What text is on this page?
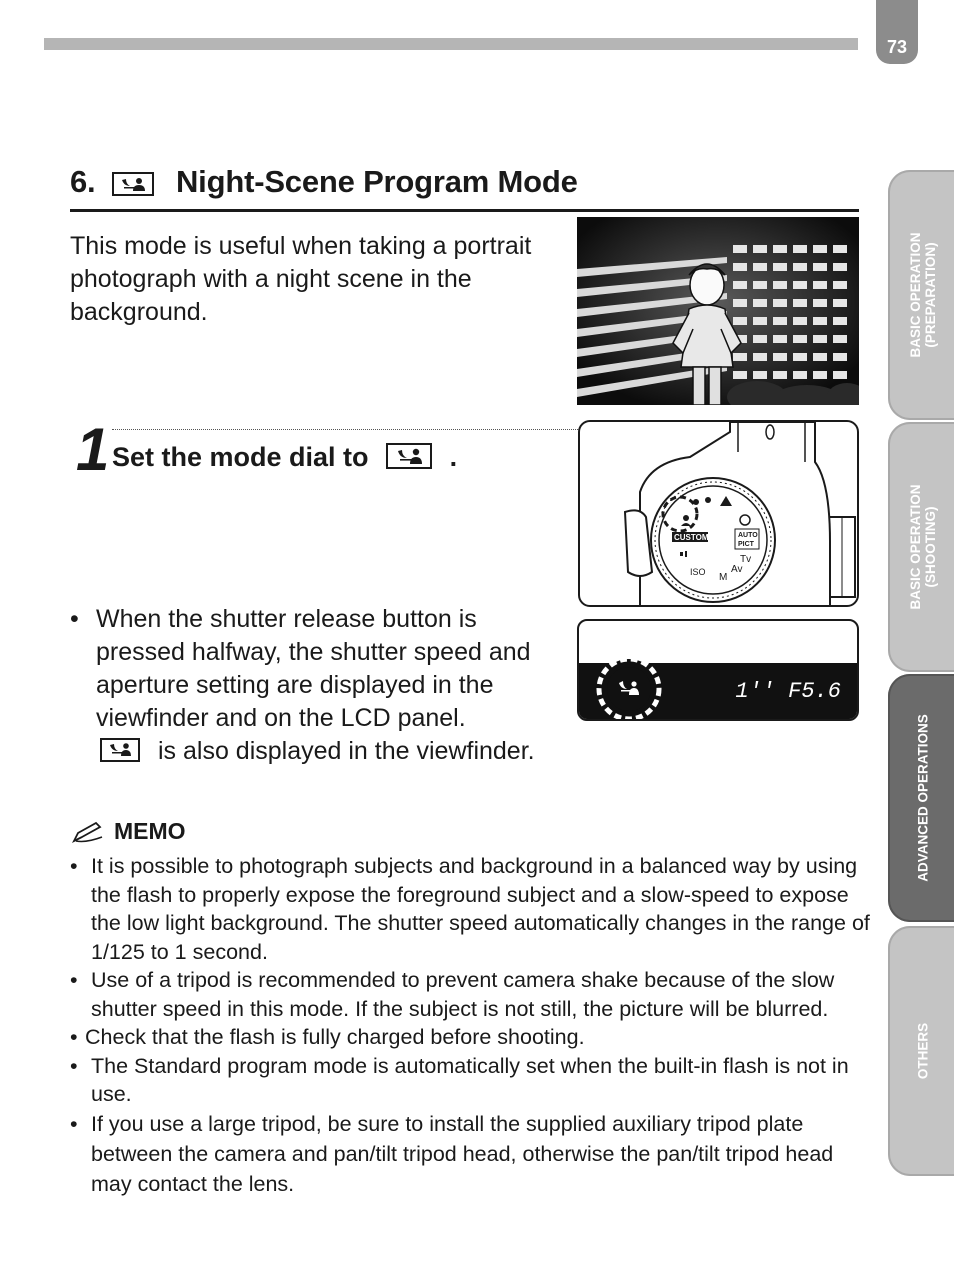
73
BASIC OPERATION
(PREPARATION)
BASIC OPERATION
(SHOOTING)
ADVANCED OPERATIONS
OTHERS
6.	Night-Scene Program Mode
This mode is useful when taking a portrait photograph with a night scene in the background.
1 Set the mode dial to	.
CUSTOM	AUTO
PICT
ISO M
Av
Tv
1'' F5.6
• When the shutter release button is pressed halfway, the shutter speed and aperture setting are displayed in the viewfinder and on the LCD panel.

is also displayed in the viewfinder.
MEMO
• It is possible to photograph subjects and background in a balanced way by using the flash to properly expose the foreground subject and a slow-speed to expose the low light background. The shutter speed automatically changes in the range of 1/125 to 1 second.
• Use of a tripod is recommended to prevent camera shake because of the slow shutter speed in this mode. If the subject is not still, the picture will be blurred.
• Check that the flash is fully charged before shooting.
• The Standard program mode is automatically set when the built-in flash is not in use.
• If you use a large tripod, be sure to install the supplied auxiliary tripod plate between the camera and pan/tilt tripod head, otherwise the pan/tilt tripod head may contact the lens.
